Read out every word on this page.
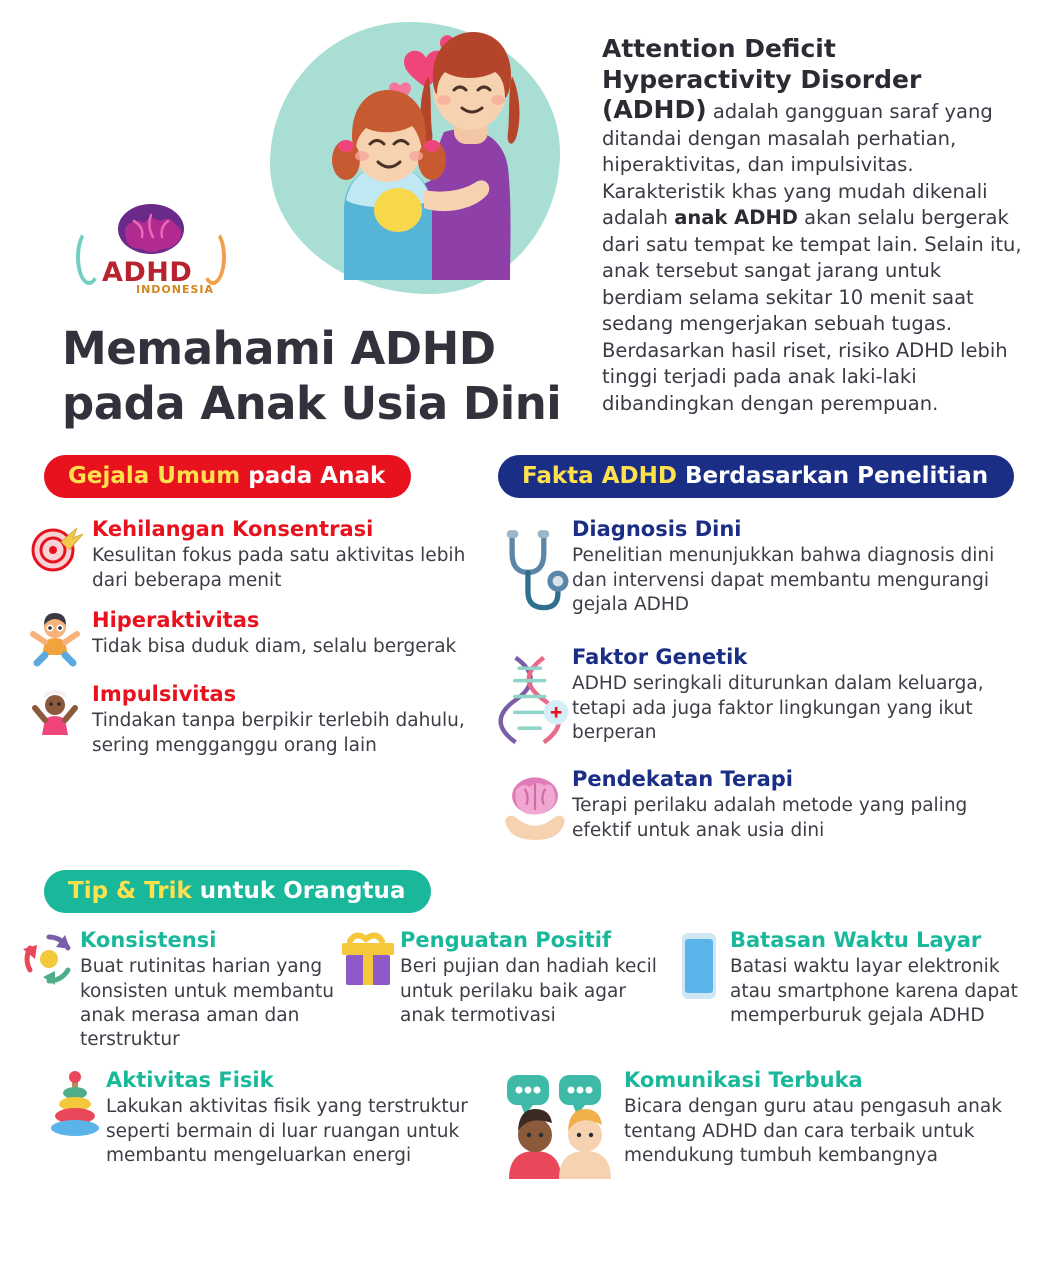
ADHD
INDONESIA
Memahami ADHD
pada Anak Usia Dini

Attention Deficit Hyperactivity Disorder (ADHD) adalah gangguan saraf yang ditandai dengan masalah perhatian, hiperaktivitas, dan impulsivitas. Karakteristik khas yang mudah dikenali adalah anak ADHD akan selalu bergerak dari satu tempat ke tempat lain. Selain itu, anak tersebut sangat jarang untuk berdiam selama sekitar 10 menit saat sedang mengerjakan sebuah tugas. Berdasarkan hasil riset, risiko ADHD lebih tinggi terjadi pada anak laki-laki dibandingkan dengan perempuan.

Gejala Umum pada Anak
Kehilangan Konsentrasi
Kesulitan fokus pada satu aktivitas lebih dari beberapa menit
Hiperaktivitas
Tidak bisa duduk diam, selalu bergerak
Impulsivitas
Tindakan tanpa berpikir terlebih dahulu, sering mengganggu orang lain
Fakta ADHD Berdasarkan Penelitian
Diagnosis Dini
Penelitian menunjukkan bahwa diagnosis dini dan intervensi dapat membantu mengurangi gejala ADHD
Faktor Genetik
ADHD seringkali diturunkan dalam keluarga, tetapi ada juga faktor lingkungan yang ikut berperan
Pendekatan Terapi
Terapi perilaku adalah metode yang paling efektif untuk anak usia dini
Tip & Trik untuk Orangtua
Konsistensi
Buat rutinitas harian yang konsisten untuk membantu anak merasa aman dan terstruktur
Penguatan Positif
Beri pujian dan hadiah kecil untuk perilaku baik agar anak termotivasi
Batasan Waktu Layar
Batasi waktu layar elektronik atau smartphone karena dapat memperburuk gejala ADHD
Aktivitas Fisik
Lakukan aktivitas fisik yang terstruktur seperti bermain di luar ruangan untuk membantu mengeluarkan energi
Komunikasi Terbuka
Bicara dengan guru atau pengasuh anak tentang ADHD dan cara terbaik untuk mendukung tumbuh kembangnya
